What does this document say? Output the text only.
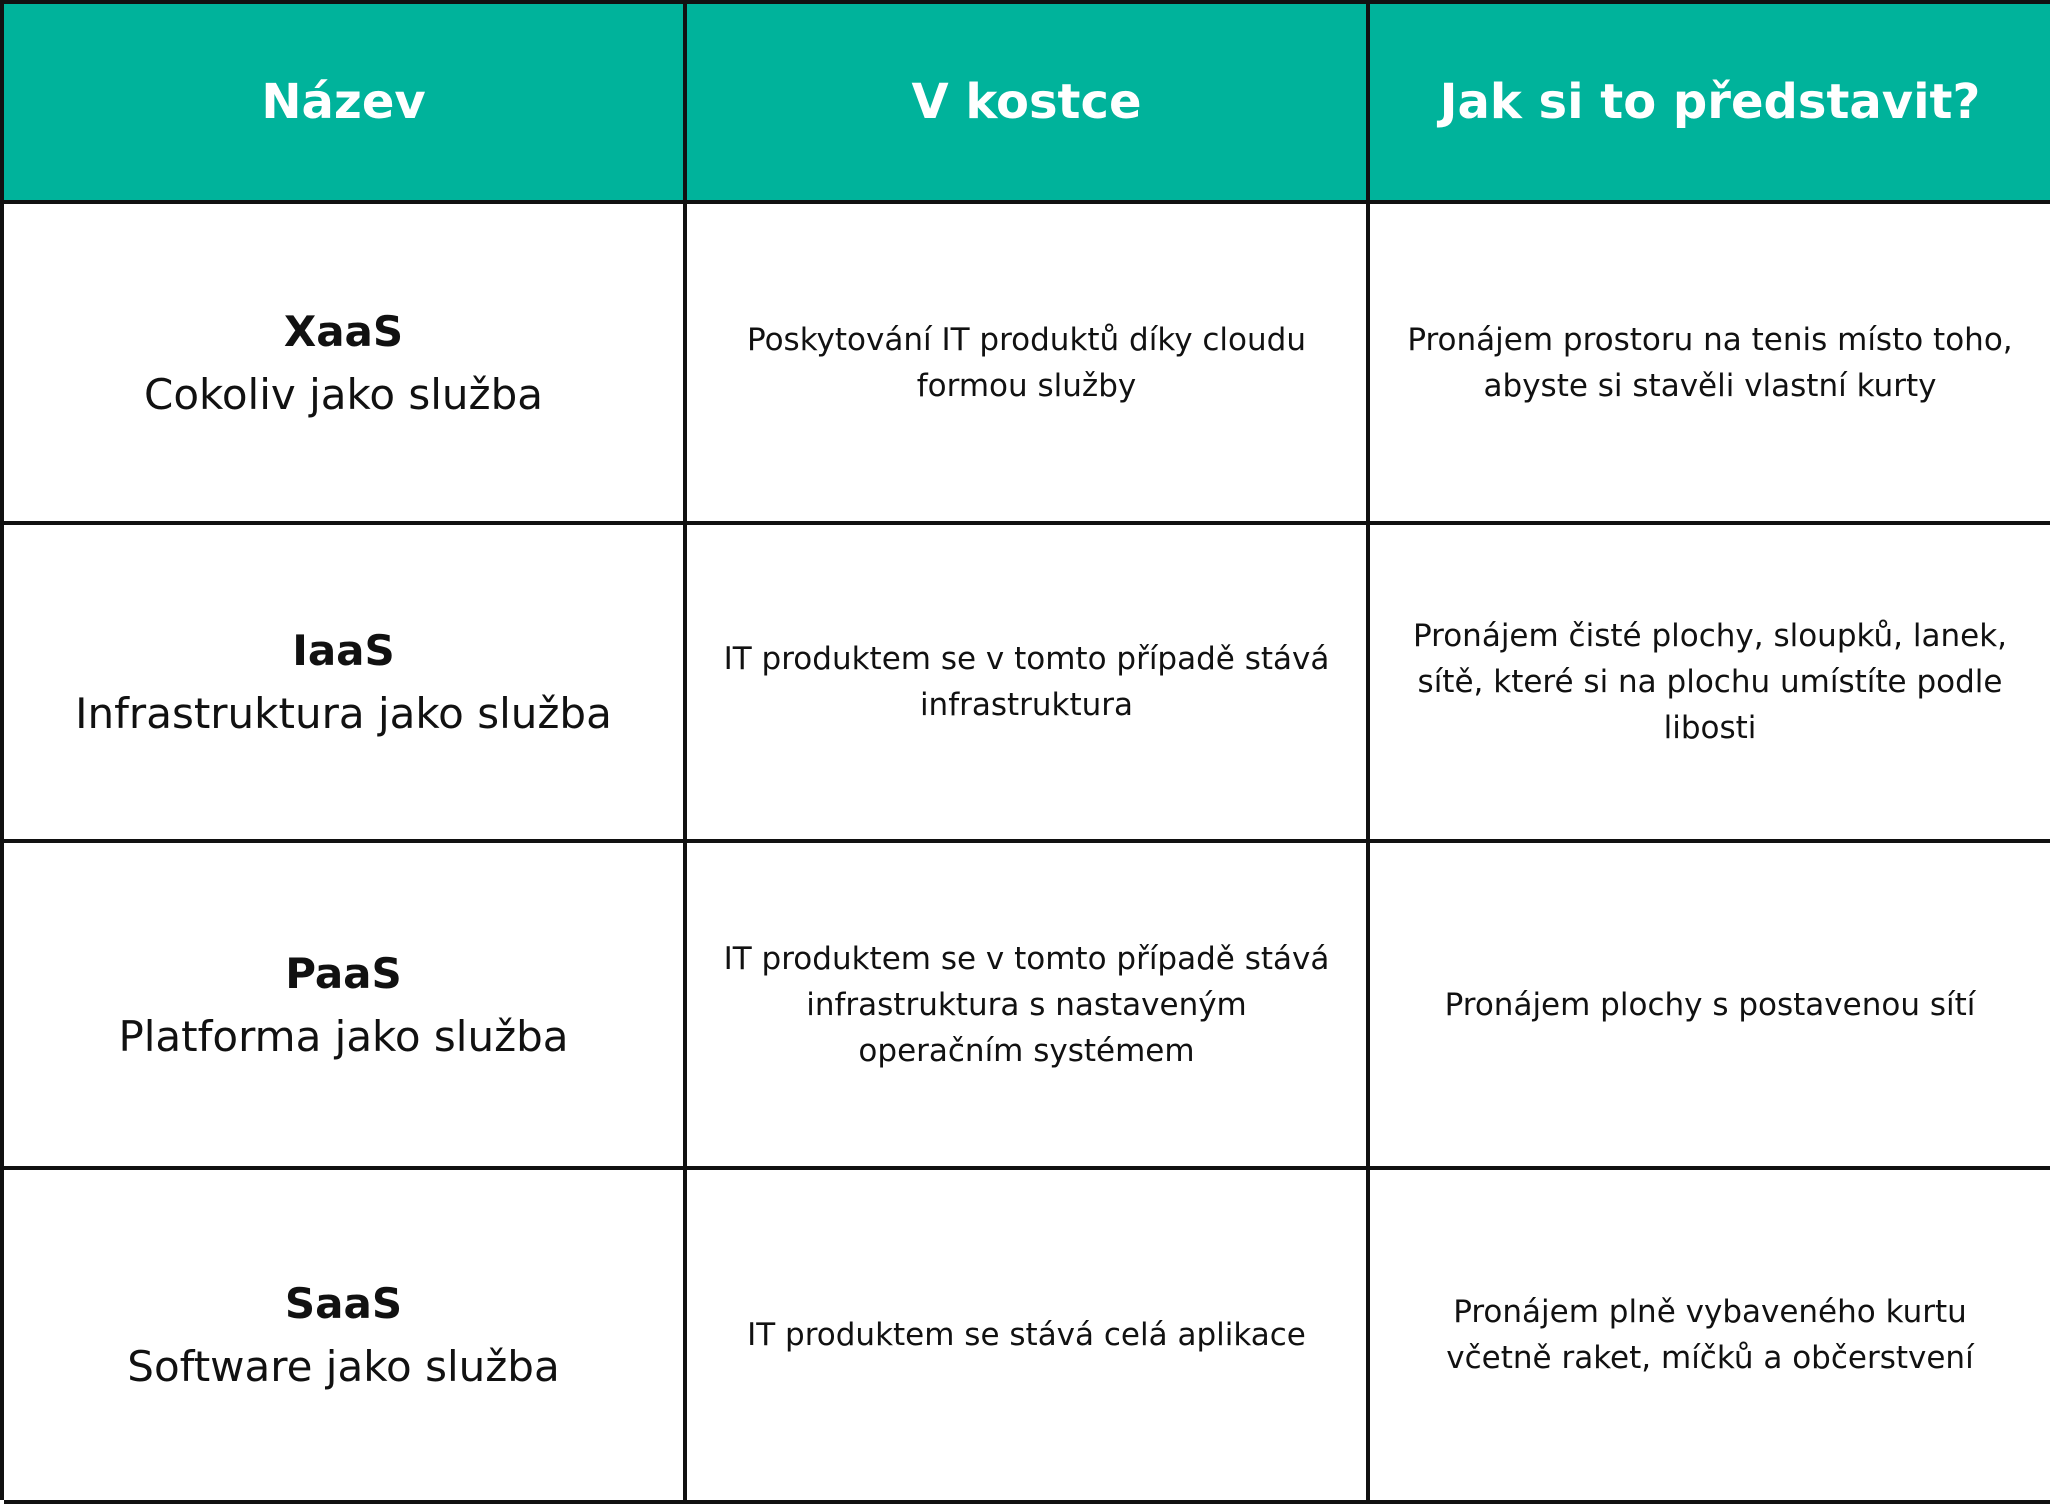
Název	V kostce	Jak si to představit?
XaaS
Cokoliv jako služba
Poskytování IT produktů díky cloudu formou služby
Pronájem prostoru na tenis místo toho, abyste si stavěli vlastní kurty
IaaS
Infrastruktura jako služba
IT produktem se v tomto případě stává infrastruktura
Pronájem čisté plochy, sloupků, lanek, sítě, které si na plochu umístíte podle libosti
PaaS
Platforma jako služba
IT produktem se v tomto případě stává infrastruktura s nastaveným operačním systémem
Pronájem plochy s postavenou sítí
SaaS
Software jako služba
IT produktem se stává celá aplikace
Pronájem plně vybaveného kurtu včetně raket, míčků a občerstvení
